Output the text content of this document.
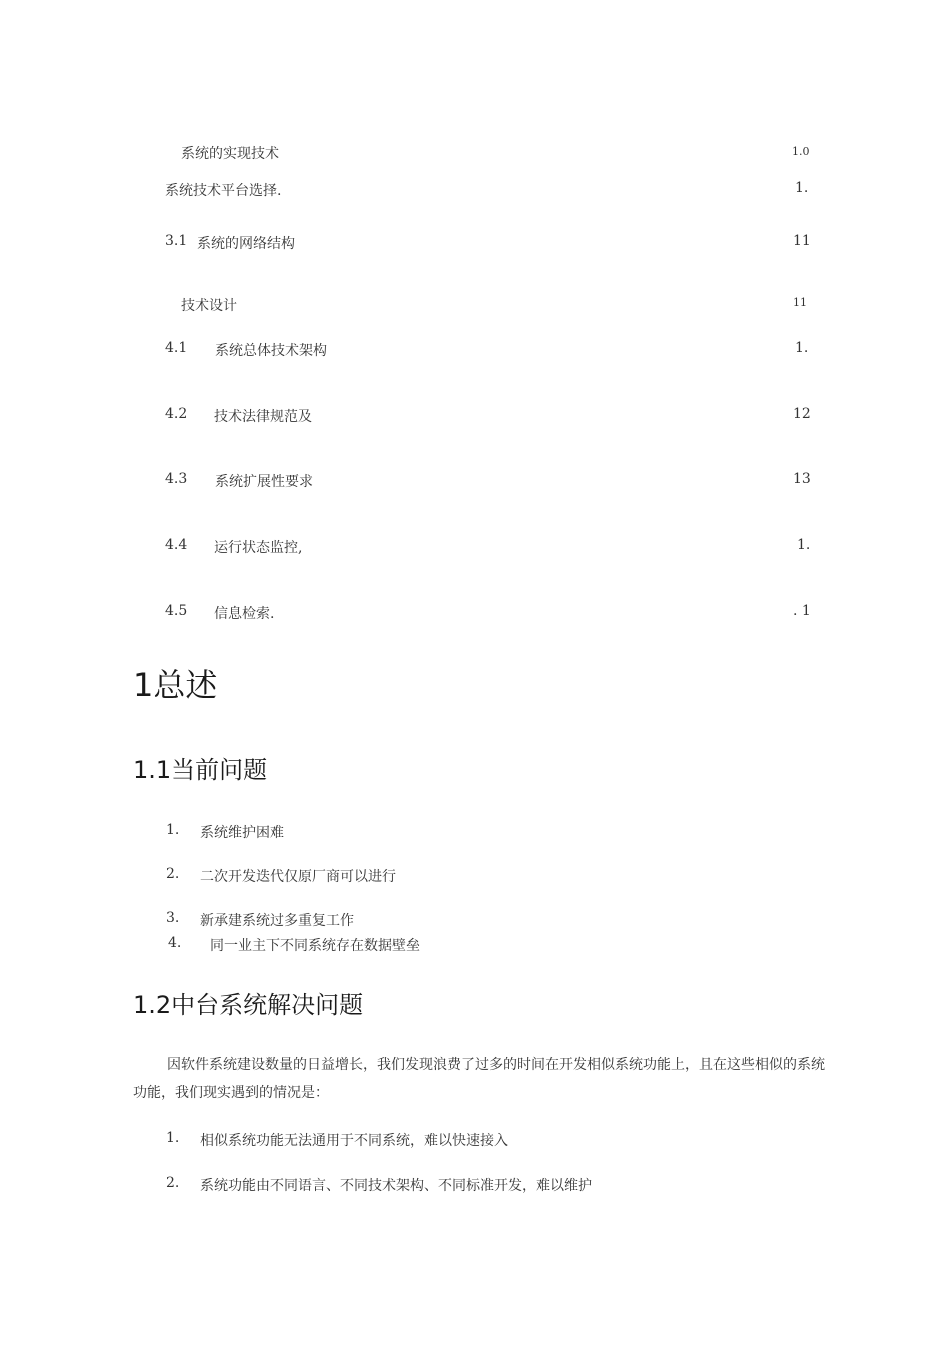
系统的实现技术	1.0
系统技术平台选择.	1.
3.1 系统的网络结构	11
技术设计	11
4.1 系统总体技术架构	1.
4.2 技术法律规范及	12
4.3 系统扩展性要求	13
4.4 运行状态监控,	1.
4.5 信息检索.	. 1
1总述
1.1当前问题
1. 系统维护困难
2. 二次开发迭代仅原厂商可以进行
3. 新承建系统过多重复工作
4. 同一业主下不同系统存在数据壁垒
1.2中台系统解决问题
因软件系统建设数量的日益增长，我们发现浪费了过多的时间在开发相似系统功能上，且在这些相似的系统功能，我们现实遇到的情况是：
1. 相似系统功能无法通用于不同系统，难以快速接入
2. 系统功能由不同语言、不同技术架构、不同标准开发，难以维护
